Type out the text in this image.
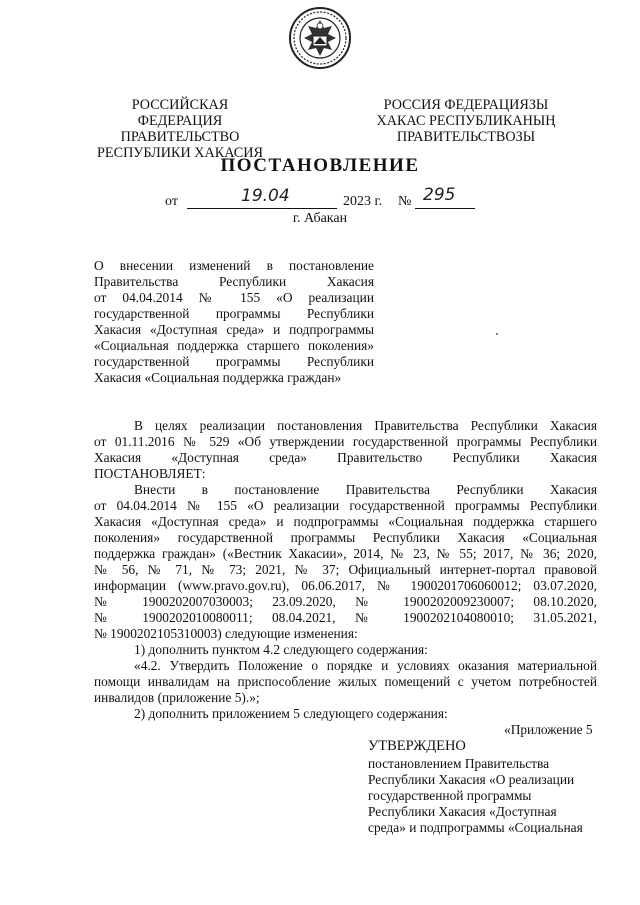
РОССИЙСКАЯ ФЕДЕРАЦИЯ
ПРАВИТЕЛЬСТВО
РЕСПУБЛИКИ ХАКАСИЯ
РОССИЯ ФЕДЕРАЦИЯЗЫ
ХАКАС РЕСПУБЛИКАНЫҢ
ПРАВИТЕЛЬСТВОЗЫ
ПОСТАНОВЛЕНИЕ
от	19.04	2023 г. № 295
г. Абакан
О внесении изменений в постановление
Правительства Республики Хакасия
от 04.04.2014 № 155 «О реализации
государственной программы Республики
Хакасия «Доступная среда» и подпрограммы
«Социальная поддержка старшего поколения»
государственной программы Республики
Хакасия «Социальная поддержка граждан»
В целях реализации постановления Правительства Республики Хакасия
от 01.11.2016 № 529 «Об утверждении государственной программы Республики
Хакасия «Доступная среда» Правительство Республики Хакасия
ПОСТАНОВЛЯЕТ:
Внести в постановление Правительства Республики Хакасия
от 04.04.2014 № 155 «О реализации государственной программы Республики
Хакасия «Доступная среда» и подпрограммы «Социальная поддержка старшего
поколения» государственной программы Республики Хакасия «Социальная
поддержка граждан» («Вестник Хакасии», 2014, № 23, № 55; 2017, № 36; 2020,
№ 56, № 71, № 73; 2021, № 37; Официальный интернет-портал правовой
информации (www.pravo.gov.ru), 06.06.2017, № 1900201706060012; 03.07.2020,
№ 1900202007030003; 23.09.2020, № 1900202009230007; 08.10.2020,
№ 1900202010080011; 08.04.2021, № 1900202104080010; 31.05.2021,
№ 1900202105310003) следующие изменения:
1) дополнить пунктом 4.2 следующего содержания:
«4.2. Утвердить Положение о порядке и условиях оказания материальной
помощи инвалидам на приспособление жилых помещений с учетом потребностей
инвалидов (приложение 5).»;
2) дополнить приложением 5 следующего содержания:
«Приложение 5
УТВЕРЖДЕНО
постановлением Правительства
Республики Хакасия «О реализации
государственной программы
Республики Хакасия «Доступная
среда» и подпрограммы «Социальная
